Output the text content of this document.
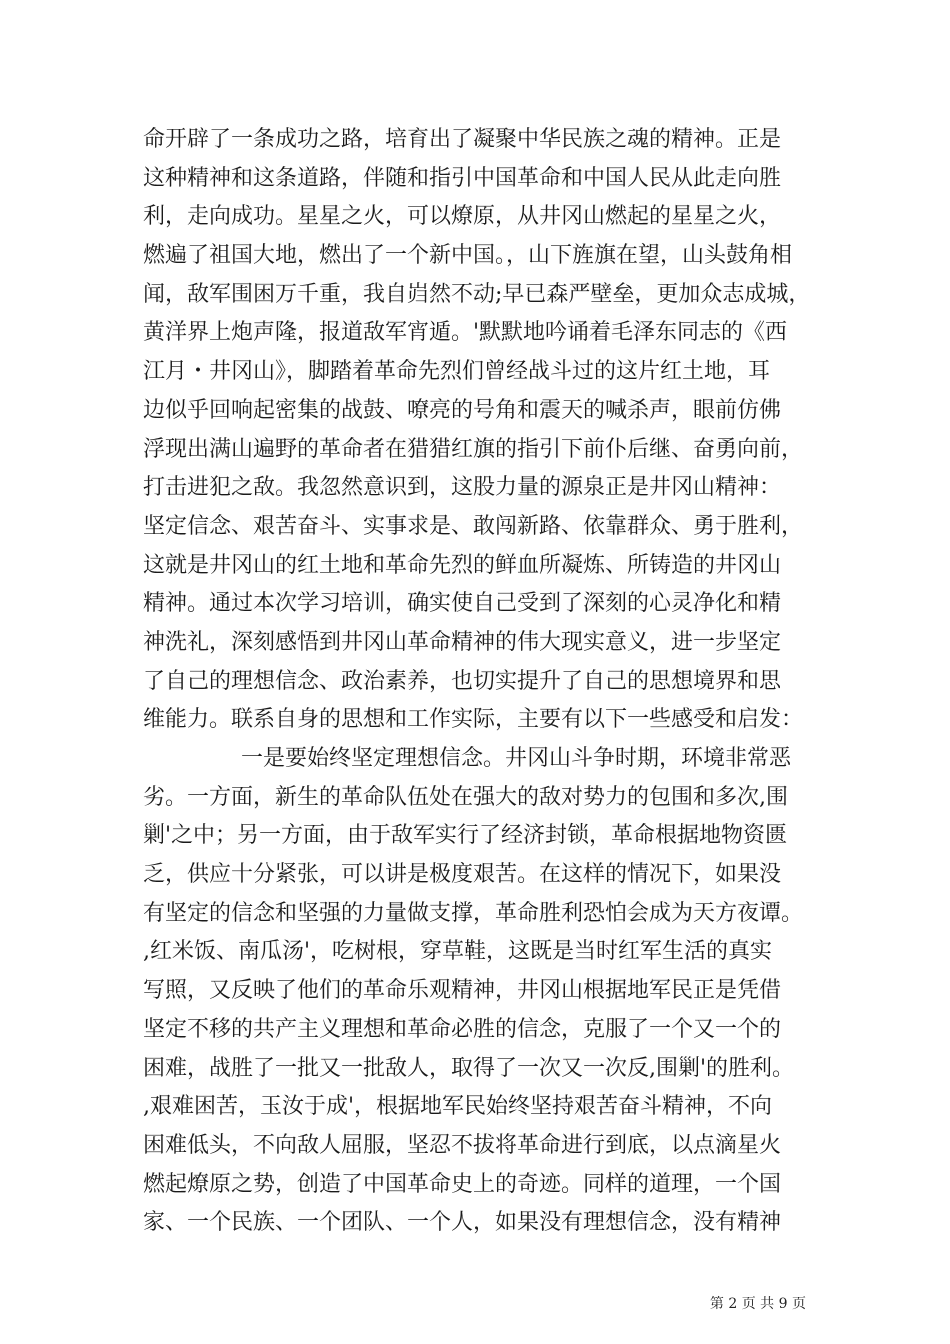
命开辟了一条成功之路，培育出了凝聚中华民族之魂的精神。正是
这种精神和这条道路，伴随和指引中国革命和中国人民从此走向胜
利，走向成功。星星之火，可以燎原，从井冈山燃起的星星之火，
燃遍了祖国大地，燃出了一个新中国。，山下旌旗在望，山头鼓角相
闻，敌军围困万千重，我自岿然不动;早已森严壁垒，更加众志成城，
黄洋界上炮声隆，报道敌军宵遁。'默默地吟诵着毛泽东同志的《西
江月・井冈山》，脚踏着革命先烈们曾经战斗过的这片红土地，耳
边似乎回响起密集的战鼓、嘹亮的号角和震天的喊杀声，眼前仿佛
浮现出满山遍野的革命者在猎猎红旗的指引下前仆后继、奋勇向前，
打击进犯之敌。我忽然意识到，这股力量的源泉正是井冈山精神：
坚定信念、艰苦奋斗、实事求是、敢闯新路、依靠群众、勇于胜利，
这就是井冈山的红土地和革命先烈的鲜血所凝炼、所铸造的井冈山
精神。通过本次学习培训，确实使自己受到了深刻的心灵净化和精
神洗礼，深刻感悟到井冈山革命精神的伟大现实意义，进一步坚定
了自己的理想信念、政治素养，也切实提升了自己的思想境界和思
维能力。联系自身的思想和工作实际，主要有以下一些感受和启发：
一是要始终坚定理想信念。井冈山斗争时期，环境非常恶
劣。一方面，新生的革命队伍处在强大的敌对势力的包围和多次,围
剿'之中；另一方面，由于敌军实行了经济封锁，革命根据地物资匮
乏，供应十分紧张，可以讲是极度艰苦。在这样的情况下，如果没
有坚定的信念和坚强的力量做支撑，革命胜利恐怕会成为天方夜谭。
,红米饭、南瓜汤'，吃树根，穿草鞋，这既是当时红军生活的真实
写照，又反映了他们的革命乐观精神，井冈山根据地军民正是凭借
坚定不移的共产主义理想和革命必胜的信念，克服了一个又一个的
困难，战胜了一批又一批敌人，取得了一次又一次反,围剿'的胜利。
,艰难困苦，玉汝于成'，根据地军民始终坚持艰苦奋斗精神，不向
困难低头，不向敌人屈服，坚忍不拔将革命进行到底，以点滴星火
燃起燎原之势，创造了中国革命史上的奇迹。同样的道理，一个国
家、一个民族、一个团队、一个人，如果没有理想信念，没有精神
第 2 页 共 9 页
